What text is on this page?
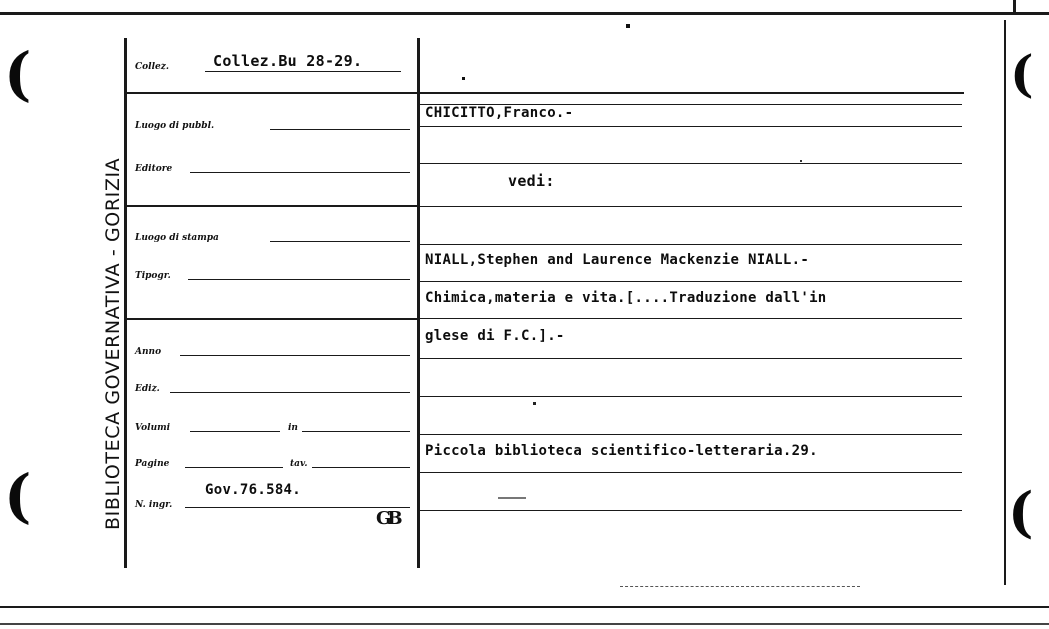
(
(
(
(
BIBLIOTECA GOVERNATIVA - GORIZIA
Collez.	Collez.Bu 28-29.
Luogo di pubbl.
Editore
Luogo di stampa
Tipogr.
Anno
Ediz.
Volumi	in
Pagine	tav.
N. ingr.
Gov.76.584.
GB
CHICITTO,Franco.-
vedi:
NIALL,Stephen and Laurence Mackenzie NIALL.-
Chimica,materia e vita.[....Traduzione dall'in
glese di F.C.].-
Piccola biblioteca scientifico-letteraria.29.
